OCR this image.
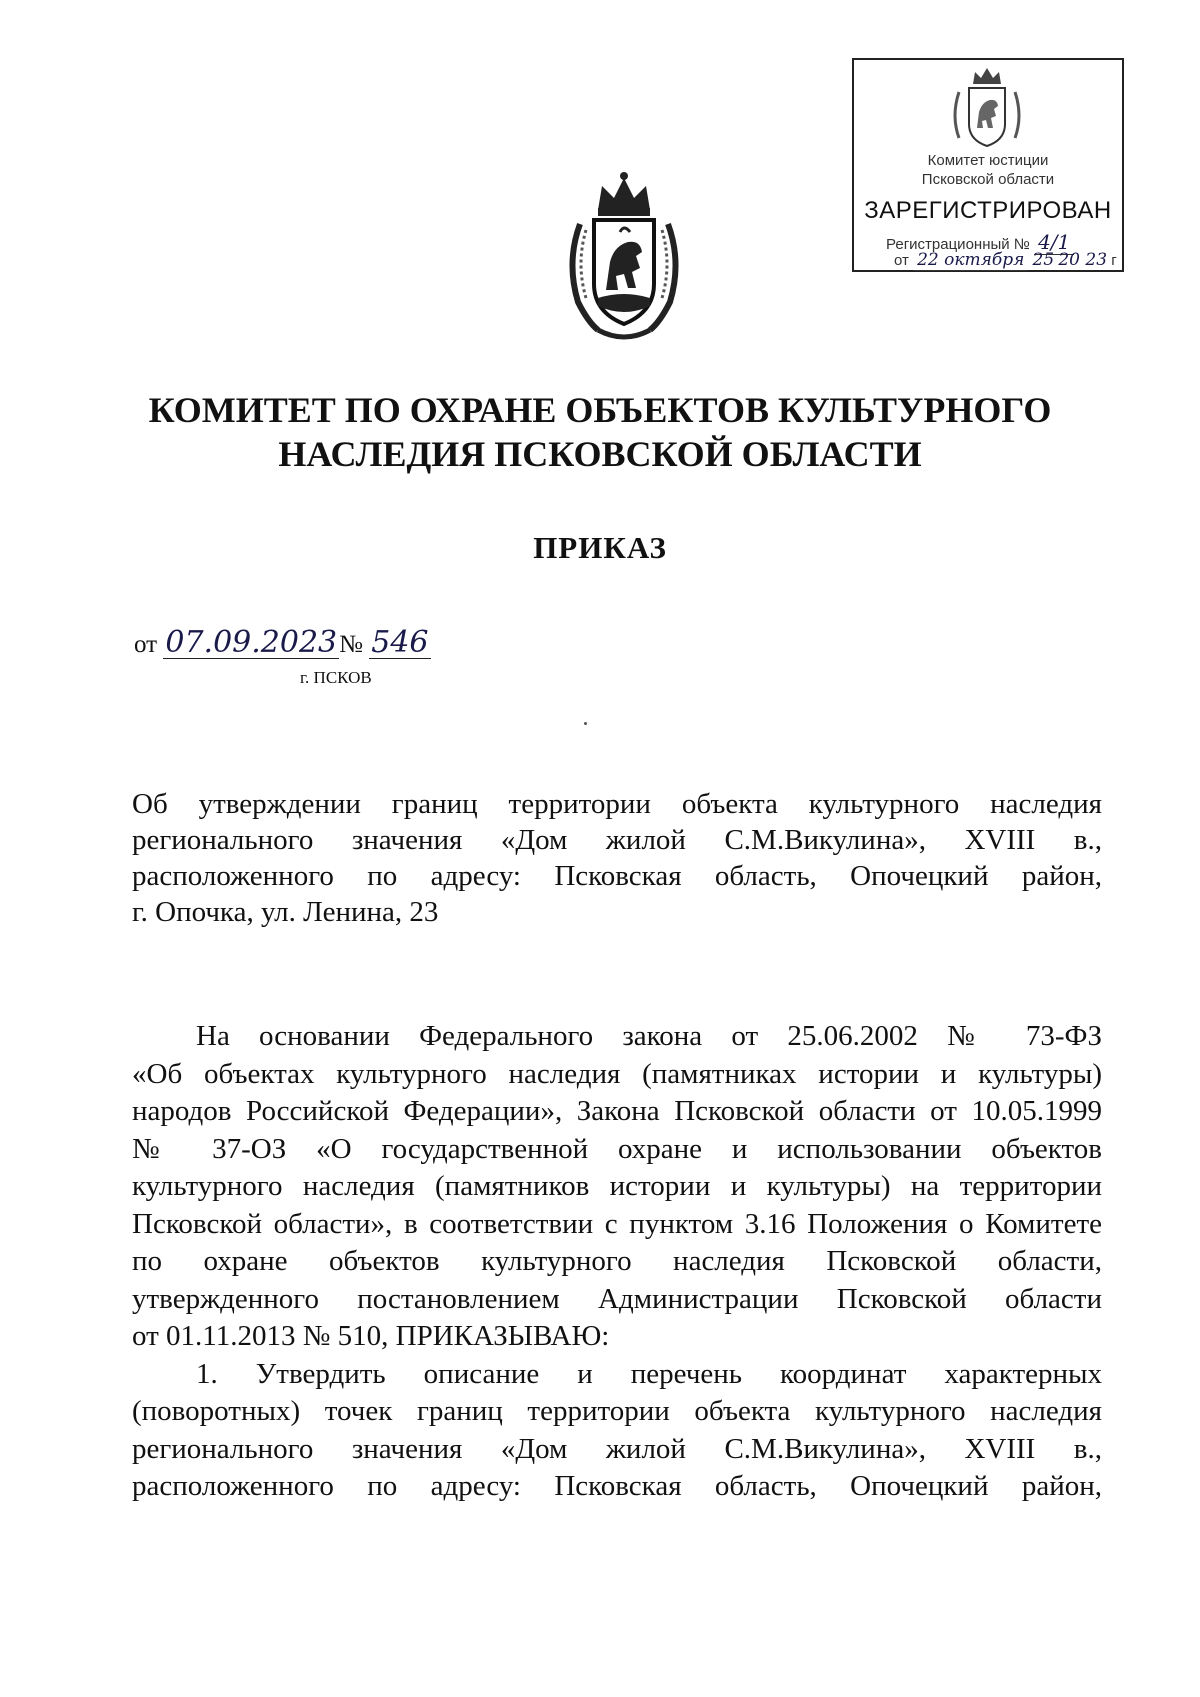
Комитет юстиции
Псковской области
ЗАРЕГИСТРИРОВАН
Регистрационный № 4/1
от 22 октября 25 20 23 г
КОМИТЕТ ПО ОХРАНЕ ОБЪЕКТОВ КУЛЬТУРНОГО
НАСЛЕДИЯ ПСКОВСКОЙ ОБЛАСТИ
ПРИКАЗ
от 07.09.2023№ 546
г. ПСКОВ
Об утверждении границ территории объекта культурного наследия
регионального значения «Дом жилой С.М.Викулина», XVIII в.,
расположенного по адресу: Псковская область, Опочецкий район,
г. Опочка, ул. Ленина, 23
На основании Федерального закона от 25.06.2002 № 73-ФЗ
«Об объектах культурного наследия (памятниках истории и культуры)
народов Российской Федерации», Закона Псковской области от 10.05.1999
№ 37-ОЗ «О государственной охране и использовании объектов
культурного наследия (памятников истории и культуры) на территории
Псковской области», в соответствии с пунктом 3.16 Положения о Комитете
по охране объектов культурного наследия Псковской области,
утвержденного постановлением Администрации Псковской области
от 01.11.2013 № 510, ПРИКАЗЫВАЮ:
1. Утвердить описание и перечень координат характерных
(поворотных) точек границ территории объекта культурного наследия
регионального значения «Дом жилой С.М.Викулина», XVIII в.,
расположенного по адресу: Псковская область, Опочецкий район,
